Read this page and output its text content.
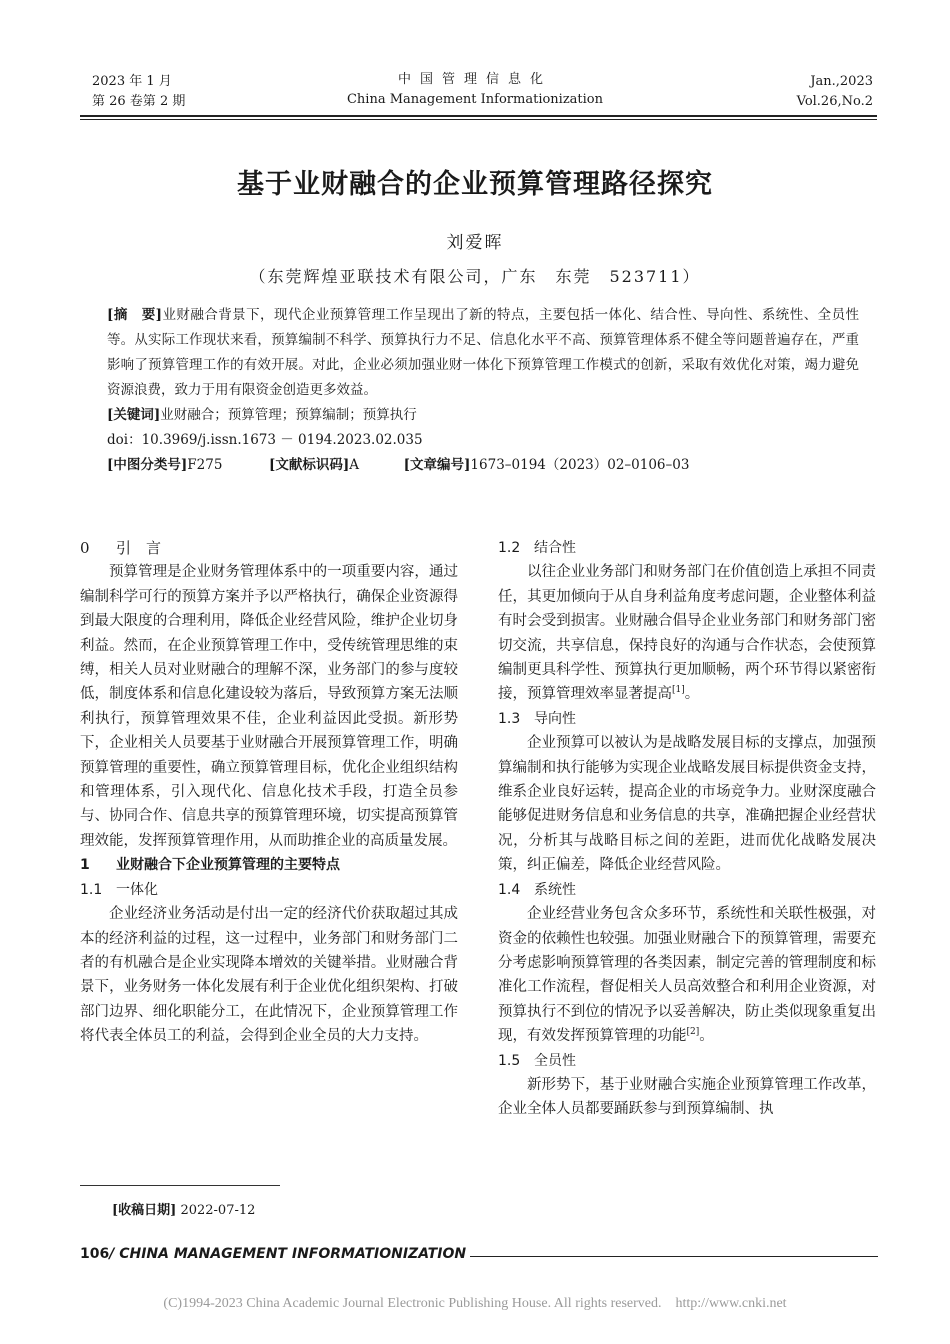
2023 年 1 月
第 26 卷第 2 期
中国管理信息化
China Management Informationization
Jan.,2023
Vol.26,No.2
基于业财融合的企业预算管理路径探究
刘爱晖
（东莞辉煌亚联技术有限公司，广东　东莞　523711）
[摘　要]业财融合背景下，现代企业预算管理工作呈现出了新的特点，主要包括一体化、结合性、导向性、系统性、全员性等。从实际工作现状来看，预算编制不科学、预算执行力不足、信息化水平不高、预算管理体系不健全等问题普遍存在，严重影响了预算管理工作的有效开展。对此，企业必须加强业财一体化下预算管理工作模式的创新，采取有效优化对策，竭力避免资源浪费，致力于用有限资金创造更多效益。
[关键词]业财融合；预算管理；预算编制；预算执行
doi：10.3969/j.issn.1673 － 0194.2023.02.035
[中图分类号]F275	[文献标识码]A	[文章编号]1673–0194（2023）02–0106–03

0 引　言

预算管理是企业财务管理体系中的一项重要内容，通过编制科学可行的预算方案并予以严格执行，确保企业资源得到最大限度的合理利用，降低企业经营风险，维护企业切身利益。然而，在企业预算管理工作中，受传统管理思维的束缚，相关人员对业财融合的理解不深，业务部门的参与度较低，制度体系和信息化建设较为落后，导致预算方案无法顺利执行，预算管理效果不佳，企业利益因此受损。新形势下，企业相关人员要基于业财融合开展预算管理工作，明确预算管理的重要性，确立预算管理目标，优化企业组织结构和管理体系，引入现代化、信息化技术手段，打造全员参与、协同合作、信息共享的预算管理环境，切实提高预算管理效能，发挥预算管理作用，从而助推企业的高质量发展。

1 业财融合下企业预算管理的主要特点

1.1 一体化

企业经济业务活动是付出一定的经济代价获取超过其成本的经济利益的过程，这一过程中，业务部门和财务部门二者的有机融合是企业实现降本增效的关键举措。业财融合背景下，业务财务一体化发展有利于企业优化组织架构、打破部门边界、细化职能分工，在此情况下，企业预算管理工作将代表全体员工的利益，会得到企业全员的大力支持。

1.2 结合性

以往企业业务部门和财务部门在价值创造上承担不同责任，其更加倾向于从自身利益角度考虑问题，企业整体利益有时会受到损害。业财融合倡导企业业务部门和财务部门密切交流，共享信息，保持良好的沟通与合作状态，会使预算编制更具科学性、预算执行更加顺畅，两个环节得以紧密衔接，预算管理效率显著提高[1]。

1.3 导向性

企业预算可以被认为是战略发展目标的支撑点，加强预算编制和执行能够为实现企业战略发展目标提供资金支持，维系企业良好运转，提高企业的市场竞争力。业财深度融合能够促进财务信息和业务信息的共享，准确把握企业经营状况，分析其与战略目标之间的差距，进而优化战略发展决策，纠正偏差，降低企业经营风险。

1.4 系统性

企业经营业务包含众多环节，系统性和关联性极强，对资金的依赖性也较强。加强业财融合下的预算管理，需要充分考虑影响预算管理的各类因素，制定完善的管理制度和标准化工作流程，督促相关人员高效整合和利用企业资源，对预算执行不到位的情况予以妥善解决，防止类似现象重复出现，有效发挥预算管理的功能[2]。

1.5 全员性

新形势下，基于业财融合实施企业预算管理工作改革，企业全体人员都要踊跃参与到预算编制、执

[收稿日期] 2022-07-12
106/ CHINA MANAGEMENT INFORMATIONIZATION
(C)1994-2023 China Academic Journal Electronic Publishing House. All rights reserved.    http://www.cnki.net
